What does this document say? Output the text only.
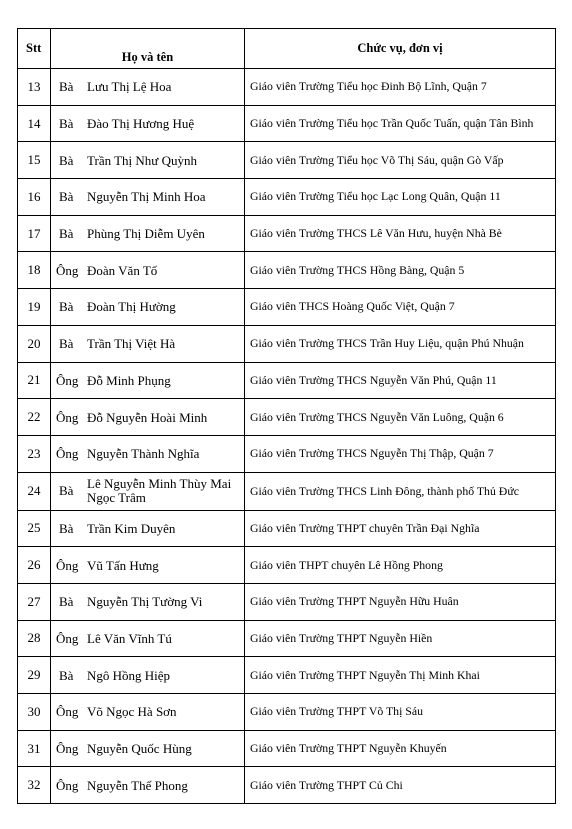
Stt	Họ và tên	Chức vụ, đơn vị
13	Bà Lưu Thị Lệ Hoa	Giáo viên Trường Tiểu học Đinh Bộ Lĩnh, Quận 7
14	Bà Đào Thị Hương Huệ	Giáo viên Trường Tiểu học Trần Quốc Tuấn, quận Tân Bình
15	Bà Trần Thị Như Quỳnh	Giáo viên Trường Tiểu học Võ Thị Sáu, quận Gò Vấp
16	Bà Nguyễn Thị Minh Hoa	Giáo viên Trường Tiểu học Lạc Long Quân, Quận 11
17	Bà Phùng Thị Diễm Uyên	Giáo viên Trường THCS Lê Văn Hưu, huyện Nhà Bè
18	Ông Đoàn Văn Tố	Giáo viên Trường THCS Hồng Bàng, Quận 5
19	Bà Đoàn Thị Hường	Giáo viên THCS Hoàng Quốc Việt, Quận 7
20	Bà Trần Thị Việt Hà	Giáo viên Trường THCS Trần Huy Liệu, quận Phú Nhuận
21	Ông Đỗ Minh Phụng	Giáo viên Trường THCS Nguyễn Văn Phú, Quận 11
22	Ông Đỗ Nguyễn Hoài Minh	Giáo viên Trường THCS Nguyễn Văn Luông, Quận 6
23	Ông Nguyễn Thành Nghĩa	Giáo viên Trường THCS Nguyễn Thị Thập, Quận 7
24	Bà Lê Nguyễn Minh Thùy Mai Ngọc Trâm	Giáo viên Trường THCS Linh Đông, thành phố Thủ Đức
25	Bà Trần Kim Duyên	Giáo viên Trường THPT chuyên Trần Đại Nghĩa
26	Ông Vũ Tấn Hưng	Giáo viên THPT chuyên Lê Hồng Phong
27	Bà Nguyễn Thị Tường Vi	Giáo viên Trường THPT Nguyễn Hữu Huân
28	Ông Lê Văn Vĩnh Tú	Giáo viên Trường THPT Nguyễn Hiền
29	Bà Ngô Hồng Hiệp	Giáo viên Trường THPT Nguyễn Thị Minh Khai
30	Ông Võ Ngọc Hà Sơn	Giáo viên Trường THPT Võ Thị Sáu
31	Ông Nguyễn Quốc Hùng	Giáo viên Trường THPT Nguyễn Khuyến
32	Ông Nguyễn Thế Phong	Giáo viên Trường THPT Củ Chi
